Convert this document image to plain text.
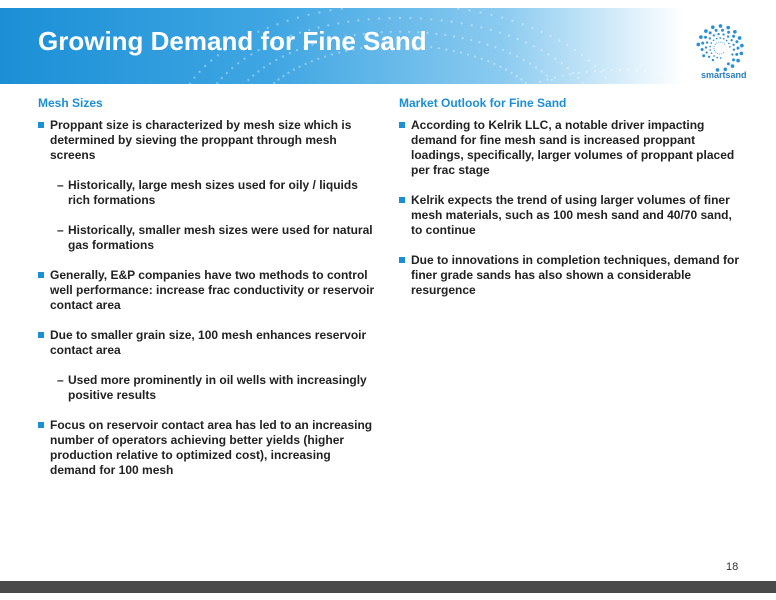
Growing Demand for Fine Sand
smartsand
Mesh Sizes
Proppant size is characterized by mesh size which is determined by sieving the proppant through mesh screens
– Historically, large mesh sizes used for oily / liquids rich formations
– Historically, smaller mesh sizes were used for natural gas formations
Generally, E&P companies have two methods to control well performance: increase frac conductivity or reservoir contact area
Due to smaller grain size, 100 mesh enhances reservoir contact area
– Used more prominently in oil wells with increasingly positive results
Focus on reservoir contact area has led to an increasing number of operators achieving better yields (higher production relative to optimized cost), increasing demand for 100 mesh
Market Outlook for Fine Sand
According to Kelrik LLC, a notable driver impacting demand for fine mesh sand is increased proppant loadings, specifically, larger volumes of proppant placed per frac stage
Kelrik expects the trend of using larger volumes of finer mesh materials, such as 100 mesh sand and 40/70 sand, to continue
Due to innovations in completion techniques, demand for finer grade sands has also shown a considerable resurgence
18
